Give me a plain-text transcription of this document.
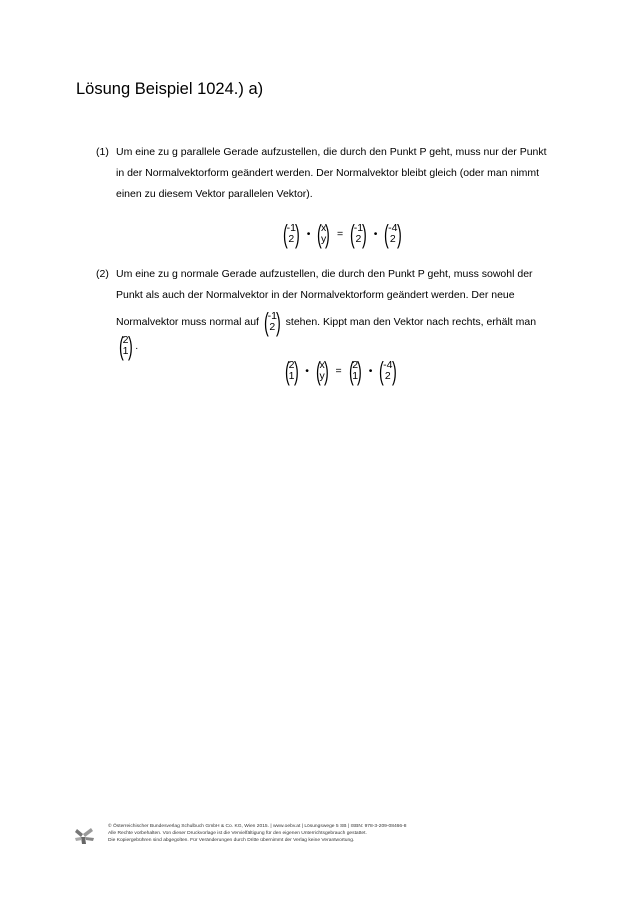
Lösung Beispiel 1024.) a)
(1) Um eine zu g parallele Gerade aufzustellen, die durch den Punkt P geht, muss nur der Punkt
in der Normalvektorform geändert werden. Der Normalvektor bleibt gleich (oder man nimmt
einen zu diesem Vektor parallelen Vektor).
(
-1
2 ) • (
x
y
) = (
-1
2 ) • (
-4
2 )
(2) Um eine zu g normale Gerade aufzustellen, die durch den Punkt P geht, muss sowohl der
Punkt als auch der Normalvektor in der Normalvektorform geändert werden. Der neue
Normalvektor muss normal auf (
-1
2 ) stehen. Kippt man den Vektor nach rechts, erhält man
(
2
1
) .
(
2
1
) • (
x
y
) = (
2
1
) • (
-4
2 )
© Österreichischer Bundesverlag Schulbuch GmbH & Co. KG, Wien 2015. | www.oebv.at | Lösungswege 5 SB | ISBN: 978-3-209-08466-8
Alle Rechte vorbehalten. Von dieser Druckvorlage ist die Vervielfältigung für den eigenen Unterrichtsgebrauch gestattet.
Die Kopiergebühren sind abgegolten. Für Veränderungen durch Dritte übernimmt der Verlag keine Verantwortung.
